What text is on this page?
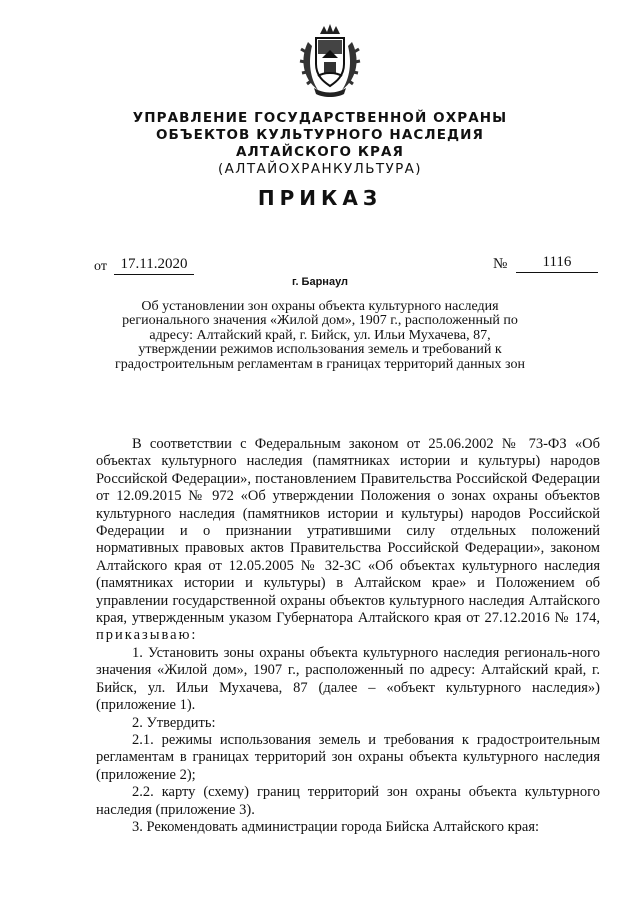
УПРАВЛЕНИЕ ГОСУДАРСТВЕННОЙ ОХРАНЫ

ОБЪЕКТОВ КУЛЬТУРНОГО НАСЛЕДИЯ

АЛТАЙСКОГО КРАЯ

(АЛТАЙОХРАНКУЛЬТУРА)

ПРИКАЗ
от 17.11.2020	№	1116
г. Барнаул

Об установлении зон охраны объекта культурного наследия регионального значения «Жилой дом», 1907 г., расположенный по адресу: Алтайский край, г. Бийск, ул. Ильи Мухачева, 87, утверждении режимов использования земель и требований к градостроительным регламентам в границах территорий данных зон

В соответствии с Федеральным законом от 25.06.2002 № 73-ФЗ «Об объектах культурного наследия (памятниках истории и культуры) народов Российской Федерации», постановлением Правительства Российской Федерации от 12.09.2015 № 972 «Об утверждении Положения о зонах охраны объектов культурного наследия (памятников истории и культуры) народов Российской Федерации и о признании утратившими силу отдельных положений нормативных правовых актов Правительства Российской Федерации», законом Алтайского края от 12.05.2005 № 32-ЗС «Об объектах культурного наследия (памятниках истории и культуры) в Алтайском крае» и Положением об управлении государственной охраны объектов культурного наследия Алтайского края, утвержденным указом Губернатора Алтайского края от 27.12.2016 № 174, приказываю:

1. Установить зоны охраны объекта культурного наследия региональ-ного значения «Жилой дом», 1907 г., расположенный по адресу: Алтайский край, г. Бийск, ул. Ильи Мухачева, 87 (далее – «объект культурного наследия») (приложение 1).

2. Утвердить:

2.1. режимы использования земель и требования к градостроительным регламентам в границах территорий зон охраны объекта культурного наследия (приложение 2);

2.2. карту (схему) границ территорий зон охраны объекта культурного наследия (приложение 3).

3. Рекомендовать администрации города Бийска Алтайского края:
